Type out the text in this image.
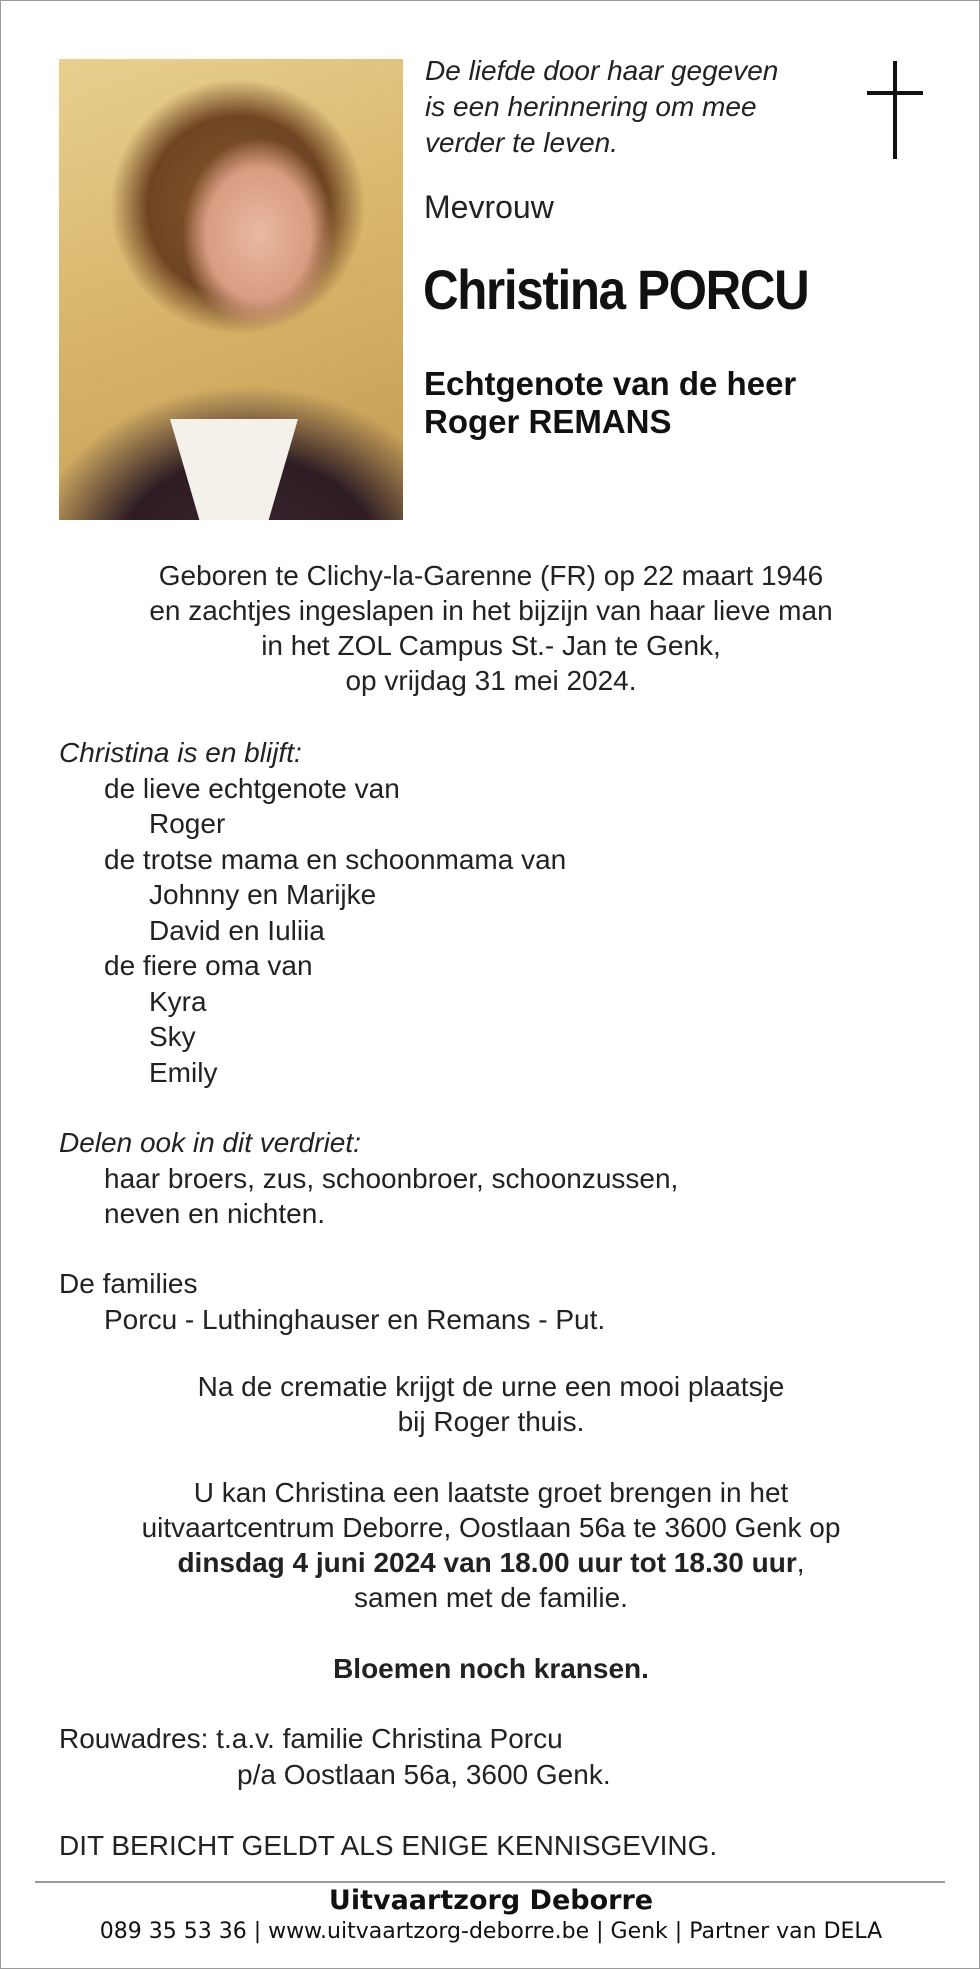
De liefde door haar gegeven
is een herinnering om mee
verder te leven.
Mevrouw
Christina PORCU
Echtgenote van de heer
Roger REMANS
Geboren te Clichy-la-Garenne (FR) op 22 maart 1946
en zachtjes ingeslapen in het bijzijn van haar lieve man
in het ZOL Campus St.- Jan te Genk,
op vrijdag 31 mei 2024.
Christina is en blijft:
de lieve echtgenote van
Roger
de trotse mama en schoonmama van
Johnny en Marijke
David en Iuliia
de fiere oma van
Kyra
Sky
Emily
Delen ook in dit verdriet:
haar broers, zus, schoonbroer, schoonzussen,
neven en nichten.
De families
Porcu - Luthinghauser en Remans - Put.
Na de crematie krijgt de urne een mooi plaatsje
bij Roger thuis.
U kan Christina een laatste groet brengen in het
uitvaartcentrum Deborre, Oostlaan 56a te 3600 Genk op
dinsdag 4 juni 2024 van 18.00 uur tot 18.30 uur,
samen met de familie.
Bloemen noch kransen.
Rouwadres: t.a.v. familie Christina Porcu
p/a Oostlaan 56a, 3600 Genk.
DIT BERICHT GELDT ALS ENIGE KENNISGEVING.
Uitvaartzorg Deborre
089 35 53 36 | www.uitvaartzorg-deborre.be | Genk | Partner van DELA
